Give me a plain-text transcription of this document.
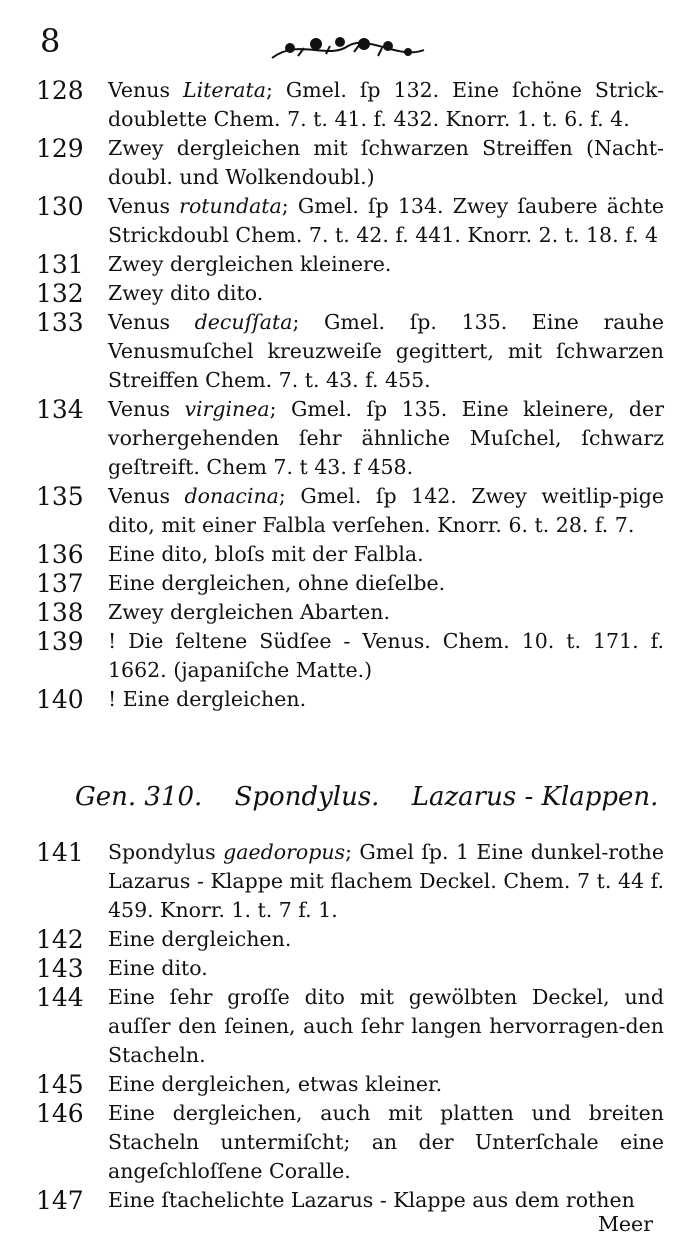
8
128	Venus Literata; Gmel. ſp 132. Eine ſchöne Strick-doublette Chem. 7. t. 41. f. 432. Knorr. 1. t. 6. f. 4.
129	Zwey dergleichen mit ſchwarzen Streiffen (Nacht-doubl. und Wolkendoubl.)
130	Venus rotundata; Gmel. ſp 134. Zwey ſaubere ächte Strickdoubl Chem. 7. t. 42. f. 441. Knorr. 2. t. 18. f. 4
131	Zwey dergleichen kleinere.
132	Zwey dito dito.
133	Venus decuſſata; Gmel. ſp. 135. Eine rauhe Venusmuſchel kreuzweiſe gegittert, mit ſchwarzen Streiffen Chem. 7. t. 43. f. 455.
134	Venus virginea; Gmel. ſp 135. Eine kleinere, der vorhergehenden ſehr ähnliche Muſchel, ſchwarz geſtreift. Chem 7. t 43. f 458.
135	Venus donacina; Gmel. ſp 142. Zwey weitlip-pige dito, mit einer Falbla verſehen. Knorr. 6. t. 28. f. 7.
136	Eine dito, bloſs mit der Falbla.
137	Eine dergleichen, ohne dieſelbe.
138	Zwey dergleichen Abarten.
139	! Die ſeltene Südſee - Venus. Chem. 10. t. 171. f. 1662. (japaniſche Matte.)
140	! Eine dergleichen.
Gen. 310. Spondylus. Lazarus - Klappen.
141	Spondylus gaedoropus; Gmel ſp. 1 Eine dunkel-rothe Lazarus - Klappe mit flachem Deckel. Chem. 7 t. 44 f. 459. Knorr. 1. t. 7 f. 1.
142	Eine dergleichen.
143	Eine dito.
144	Eine ſehr groſſe dito mit gewölbten Deckel, und auſſer den ſeinen, auch ſehr langen hervorragen-den Stacheln.
145	Eine dergleichen, etwas kleiner.
146	Eine dergleichen, auch mit platten und breiten Stacheln untermiſcht; an der Unterſchale eine angeſchloſſene Coralle.
147	Eine ſtachelichte Lazarus - Klappe aus dem rothen
Meer
